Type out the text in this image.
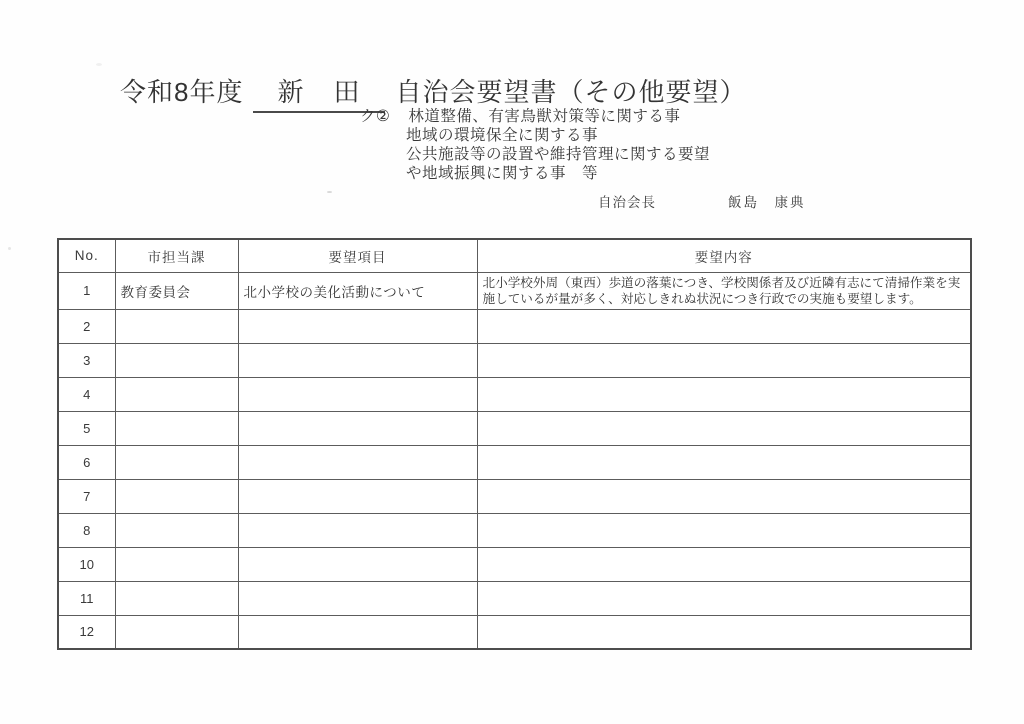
令和8年度	新　田	自治会要望書（その他要望）
ク② 林道整備、有害鳥獣対策等に関する事
地域の環境保全に関する事
公共施設等の設置や維持管理に関する要望
や地域振興に関する事　等
自治会長	飯島　康典
No.	市担当課	要望項目	要望内容
1	教育委員会	北小学校の美化活動について	北小学校外周（東西）歩道の落葉につき、学校関係者及び近隣有志にて清掃作業を実施しているが量が多く、対応しきれぬ状況につき行政での実施も要望します。
2			
3			
4			
5			
6			
7			
8			
10			
11			
12			
